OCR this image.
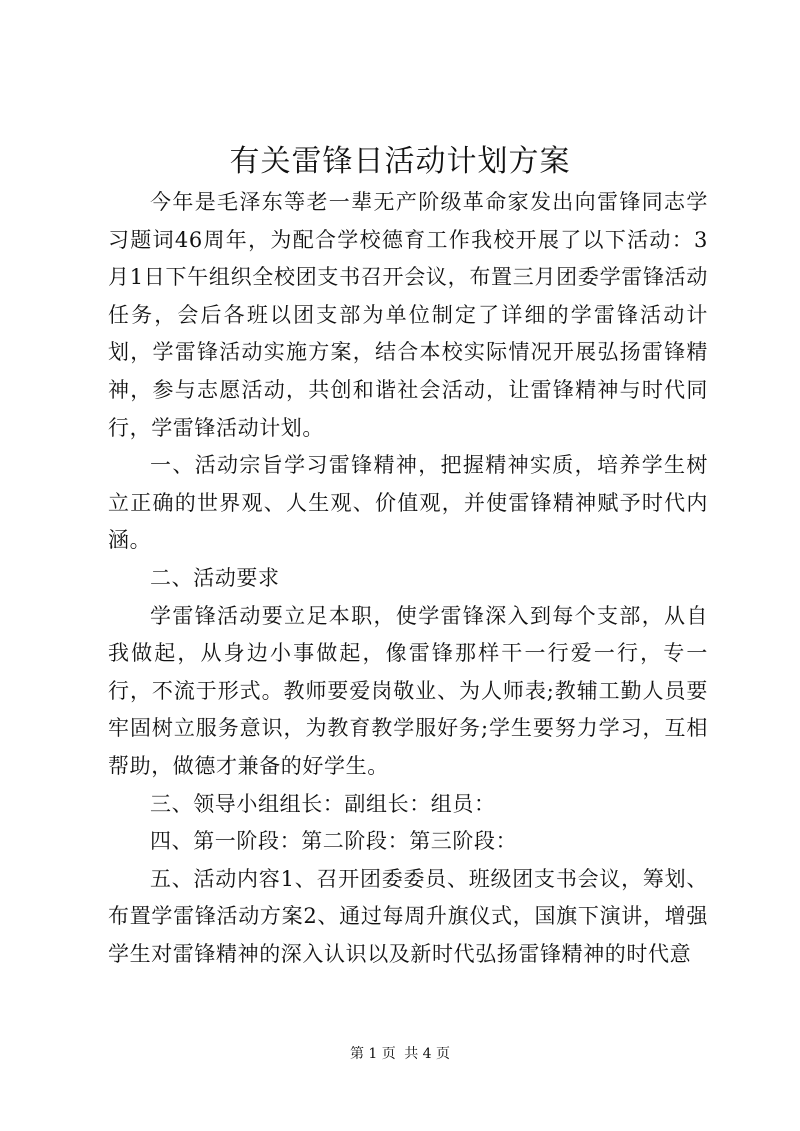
有关雷锋日活动计划方案

今年是毛泽东等老一辈无产阶级革命家发出向雷锋同志学习题词46周年，为配合学校德育工作我校开展了以下活动：3月1日下午组织全校团支书召开会议，布置三月团委学雷锋活动任务，会后各班以团支部为单位制定了详细的学雷锋活动计划，学雷锋活动实施方案，结合本校实际情况开展弘扬雷锋精神，参与志愿活动，共创和谐社会活动，让雷锋精神与时代同行，学雷锋活动计划。

一、活动宗旨学习雷锋精神，把握精神实质，培养学生树立正确的世界观、人生观、价值观，并使雷锋精神赋予时代内涵。

二、活动要求

学雷锋活动要立足本职，使学雷锋深入到每个支部，从自我做起，从身边小事做起，像雷锋那样干一行爱一行，专一行，不流于形式。教师要爱岗敬业、为人师表;教辅工勤人员要牢固树立服务意识，为教育教学服好务;学生要努力学习，互相帮助，做德才兼备的好学生。

三、领导小组组长：副组长：组员：

四、第一阶段：第二阶段：第三阶段：

五、活动内容1、召开团委委员、班级团支书会议，筹划、布置学雷锋活动方案2、通过每周升旗仪式，国旗下演讲，增强学生对雷锋精神的深入认识以及新时代弘扬雷锋精神的时代意

第 1 页 共 4 页
